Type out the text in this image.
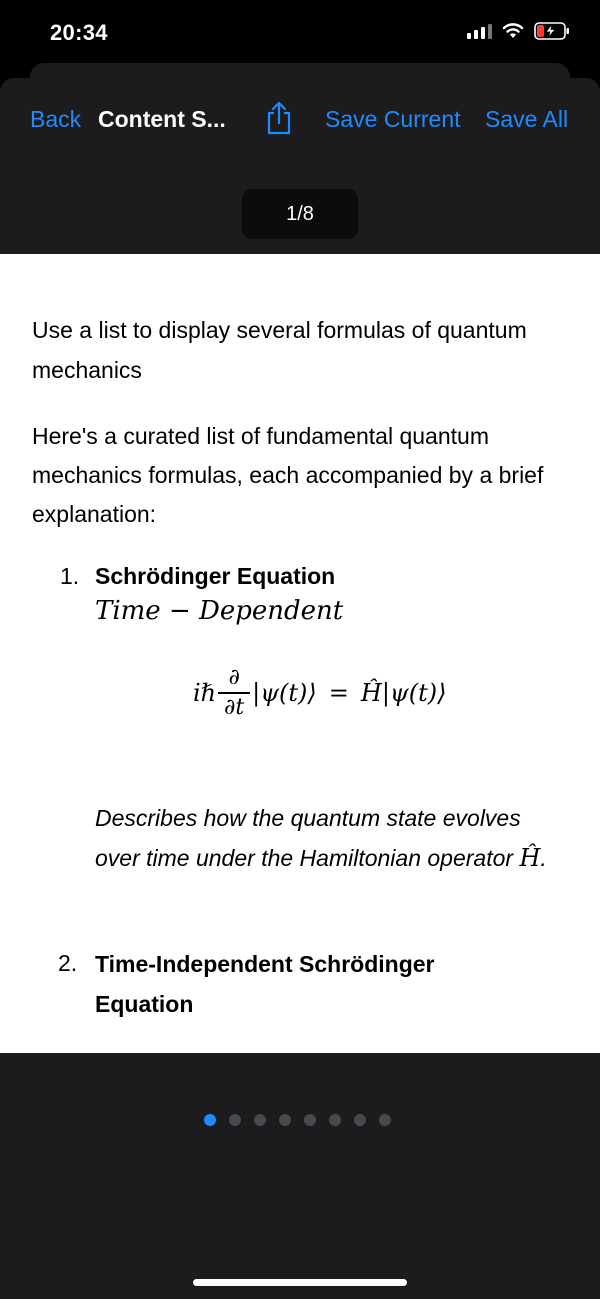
20:34
Back Content S...	Save Current Save All
1/8
Use a list to display several formulas of quantum mechanics
Here's a curated list of fundamental quantum mechanics formulas, each accompanied by a brief explanation:
1. Schrödinger Equation
Time − Dependent
iℏ $\frac{\partial}{\partial t}$ |ψ(t)⟩ = Ĥ|ψ(t)⟩
Describes how the quantum state evolves over time under the Hamiltonian operator Ĥ.
2. Time-Independent Schrödinger
Equation
